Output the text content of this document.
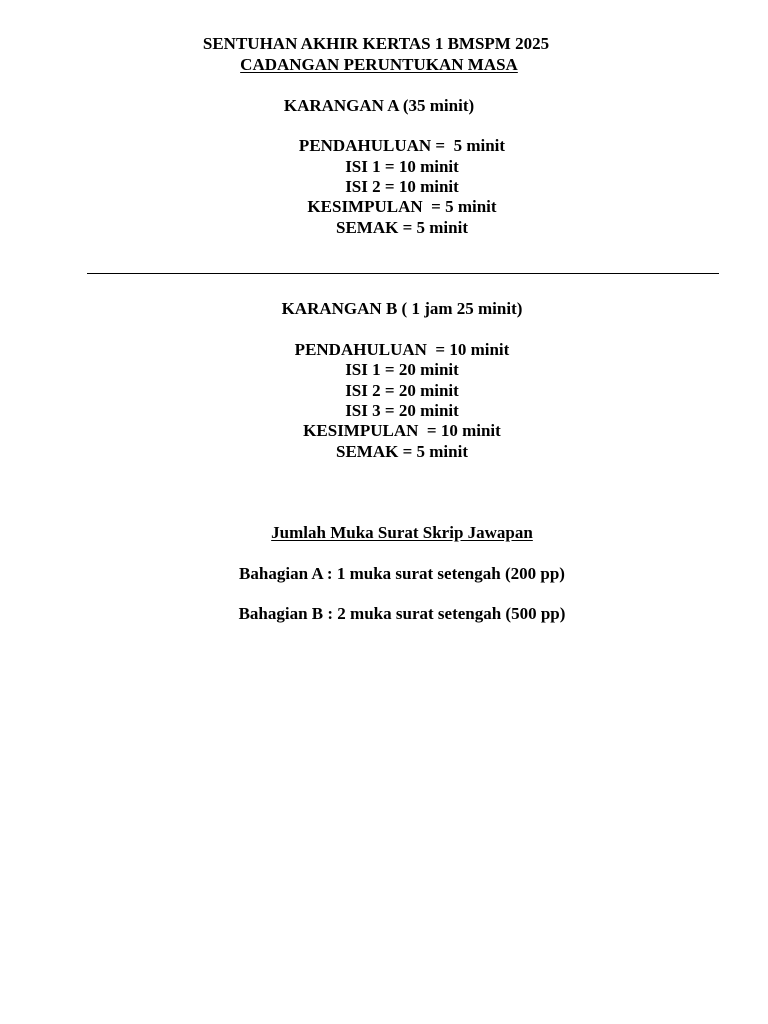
SENTUHAN AKHIR KERTAS 1 BMSPM 2025
CADANGAN PERUNTUKAN MASA
KARANGAN A (35 minit)
PENDAHULUAN =  5 minit
ISI 1 = 10 minit
ISI 2 = 10 minit
KESIMPULAN  = 5 minit
SEMAK = 5 minit
KARANGAN B ( 1 jam 25 minit)
PENDAHULUAN  = 10 minit
ISI 1 = 20 minit
ISI 2 = 20 minit
ISI 3 = 20 minit
KESIMPULAN  = 10 minit
SEMAK = 5 minit
Jumlah Muka Surat Skrip Jawapan
Bahagian A : 1 muka surat setengah (200 pp)
Bahagian B : 2 muka surat setengah (500 pp)
